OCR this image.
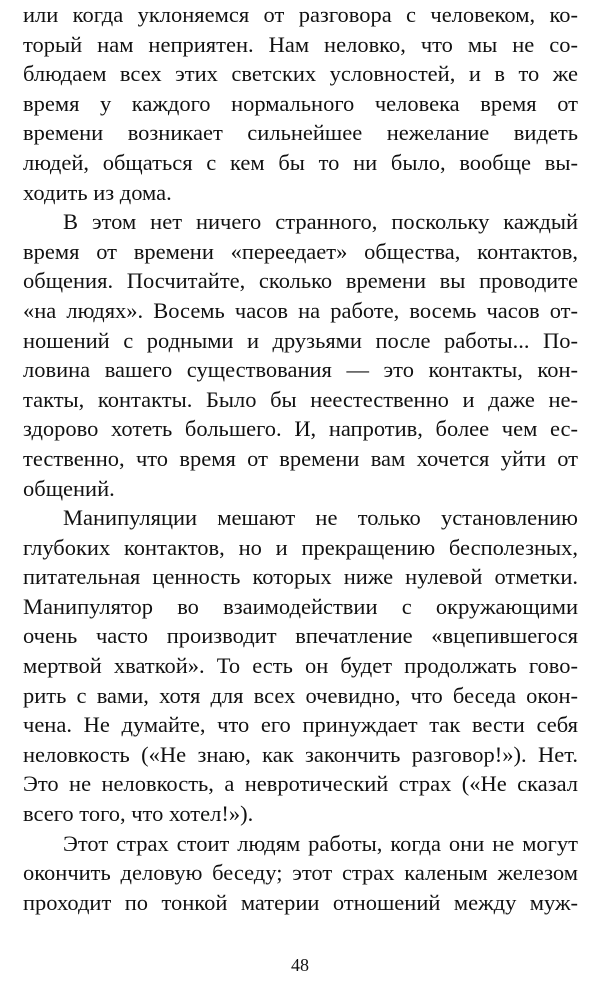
или когда уклоняемся от разговора с человеком, ко-
торый нам неприятен. Нам неловко, что мы не со-
блюдаем всех этих светских условностей, и в то же
время у каждого нормального человека время от
времени возникает сильнейшее нежелание видеть
людей, общаться с кем бы то ни было, вообще вы-
ходить из дома.
В этом нет ничего странного, поскольку каждый
время от времени «переедает» общества, контактов,
общения. Посчитайте, сколько времени вы проводите
«на людях». Восемь часов на работе, восемь часов от-
ношений с родными и друзьями после работы... По-
ловина вашего существования — это контакты, кон-
такты, контакты. Было бы неестественно и даже не-
здорово хотеть большего. И, напротив, более чем ес-
тественно, что время от времени вам хочется уйти от
общений.
Манипуляции мешают не только установлению
глубоких контактов, но и прекращению бесполезных,
питательная ценность которых ниже нулевой отметки.
Манипулятор во взаимодействии с окружающими
очень часто производит впечатление «вцепившегося
мертвой хваткой». То есть он будет продолжать гово-
рить с вами, хотя для всех очевидно, что беседа окон-
чена. Не думайте, что его принуждает так вести себя
неловкость («Не знаю, как закончить разговор!»). Нет.
Это не неловкость, а невротический страх («Не сказал
всего того, что хотел!»).
Этот страх стоит людям работы, когда они не могут
окончить деловую беседу; этот страх каленым железом
проходит по тонкой материи отношений между муж-
48
